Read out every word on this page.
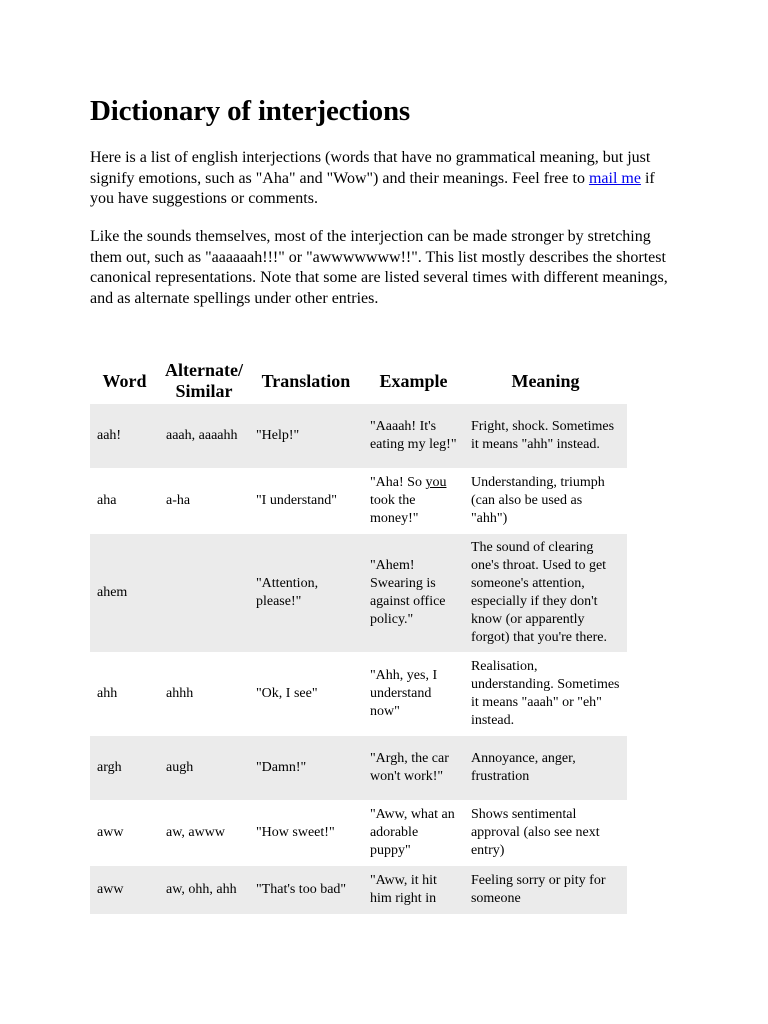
Dictionary of interjections

Here is a list of english interjections (words that have no grammatical meaning, but just signify emotions, such as "Aha" and "Wow") and their meanings. Feel free to mail me if you have suggestions or comments.

Like the sounds themselves, most of the interjection can be made stronger by stretching them out, such as "aaaaaah!!!" or "awwwwwww!!". This list mostly describes the shortest canonical representations. Note that some are listed several times with different meanings, and as alternate spellings under other entries.

Word	Alternate/ Similar	Translation	Example	Meaning
aah!	aaah, aaaahh	"Help!"	"Aaaah! It's eating my leg!"	Fright, shock. Sometimes it means "ahh" instead.
aha	a-ha	"I understand"	"Aha! So you took the money!"	Understanding, triumph (can also be used as "ahh")
ahem		"Attention, please!"	"Ahem! Swearing is against office policy."	The sound of clearing one's throat. Used to get someone's attention, especially if they don't know (or apparently forgot) that you're there.
ahh	ahhh	"Ok, I see"	"Ahh, yes, I understand now"	Realisation, understanding. Sometimes it means "aaah" or "eh" instead.
argh	augh	"Damn!"	"Argh, the car won't work!"	Annoyance, anger, frustration
aww	aw, awww	"How sweet!"	"Aww, what an adorable puppy"	Shows sentimental approval (also see next entry)
aww	aw, ohh, ahh	"That's too bad"	"Aww, it hit him right in	Feeling sorry or pity for someone
